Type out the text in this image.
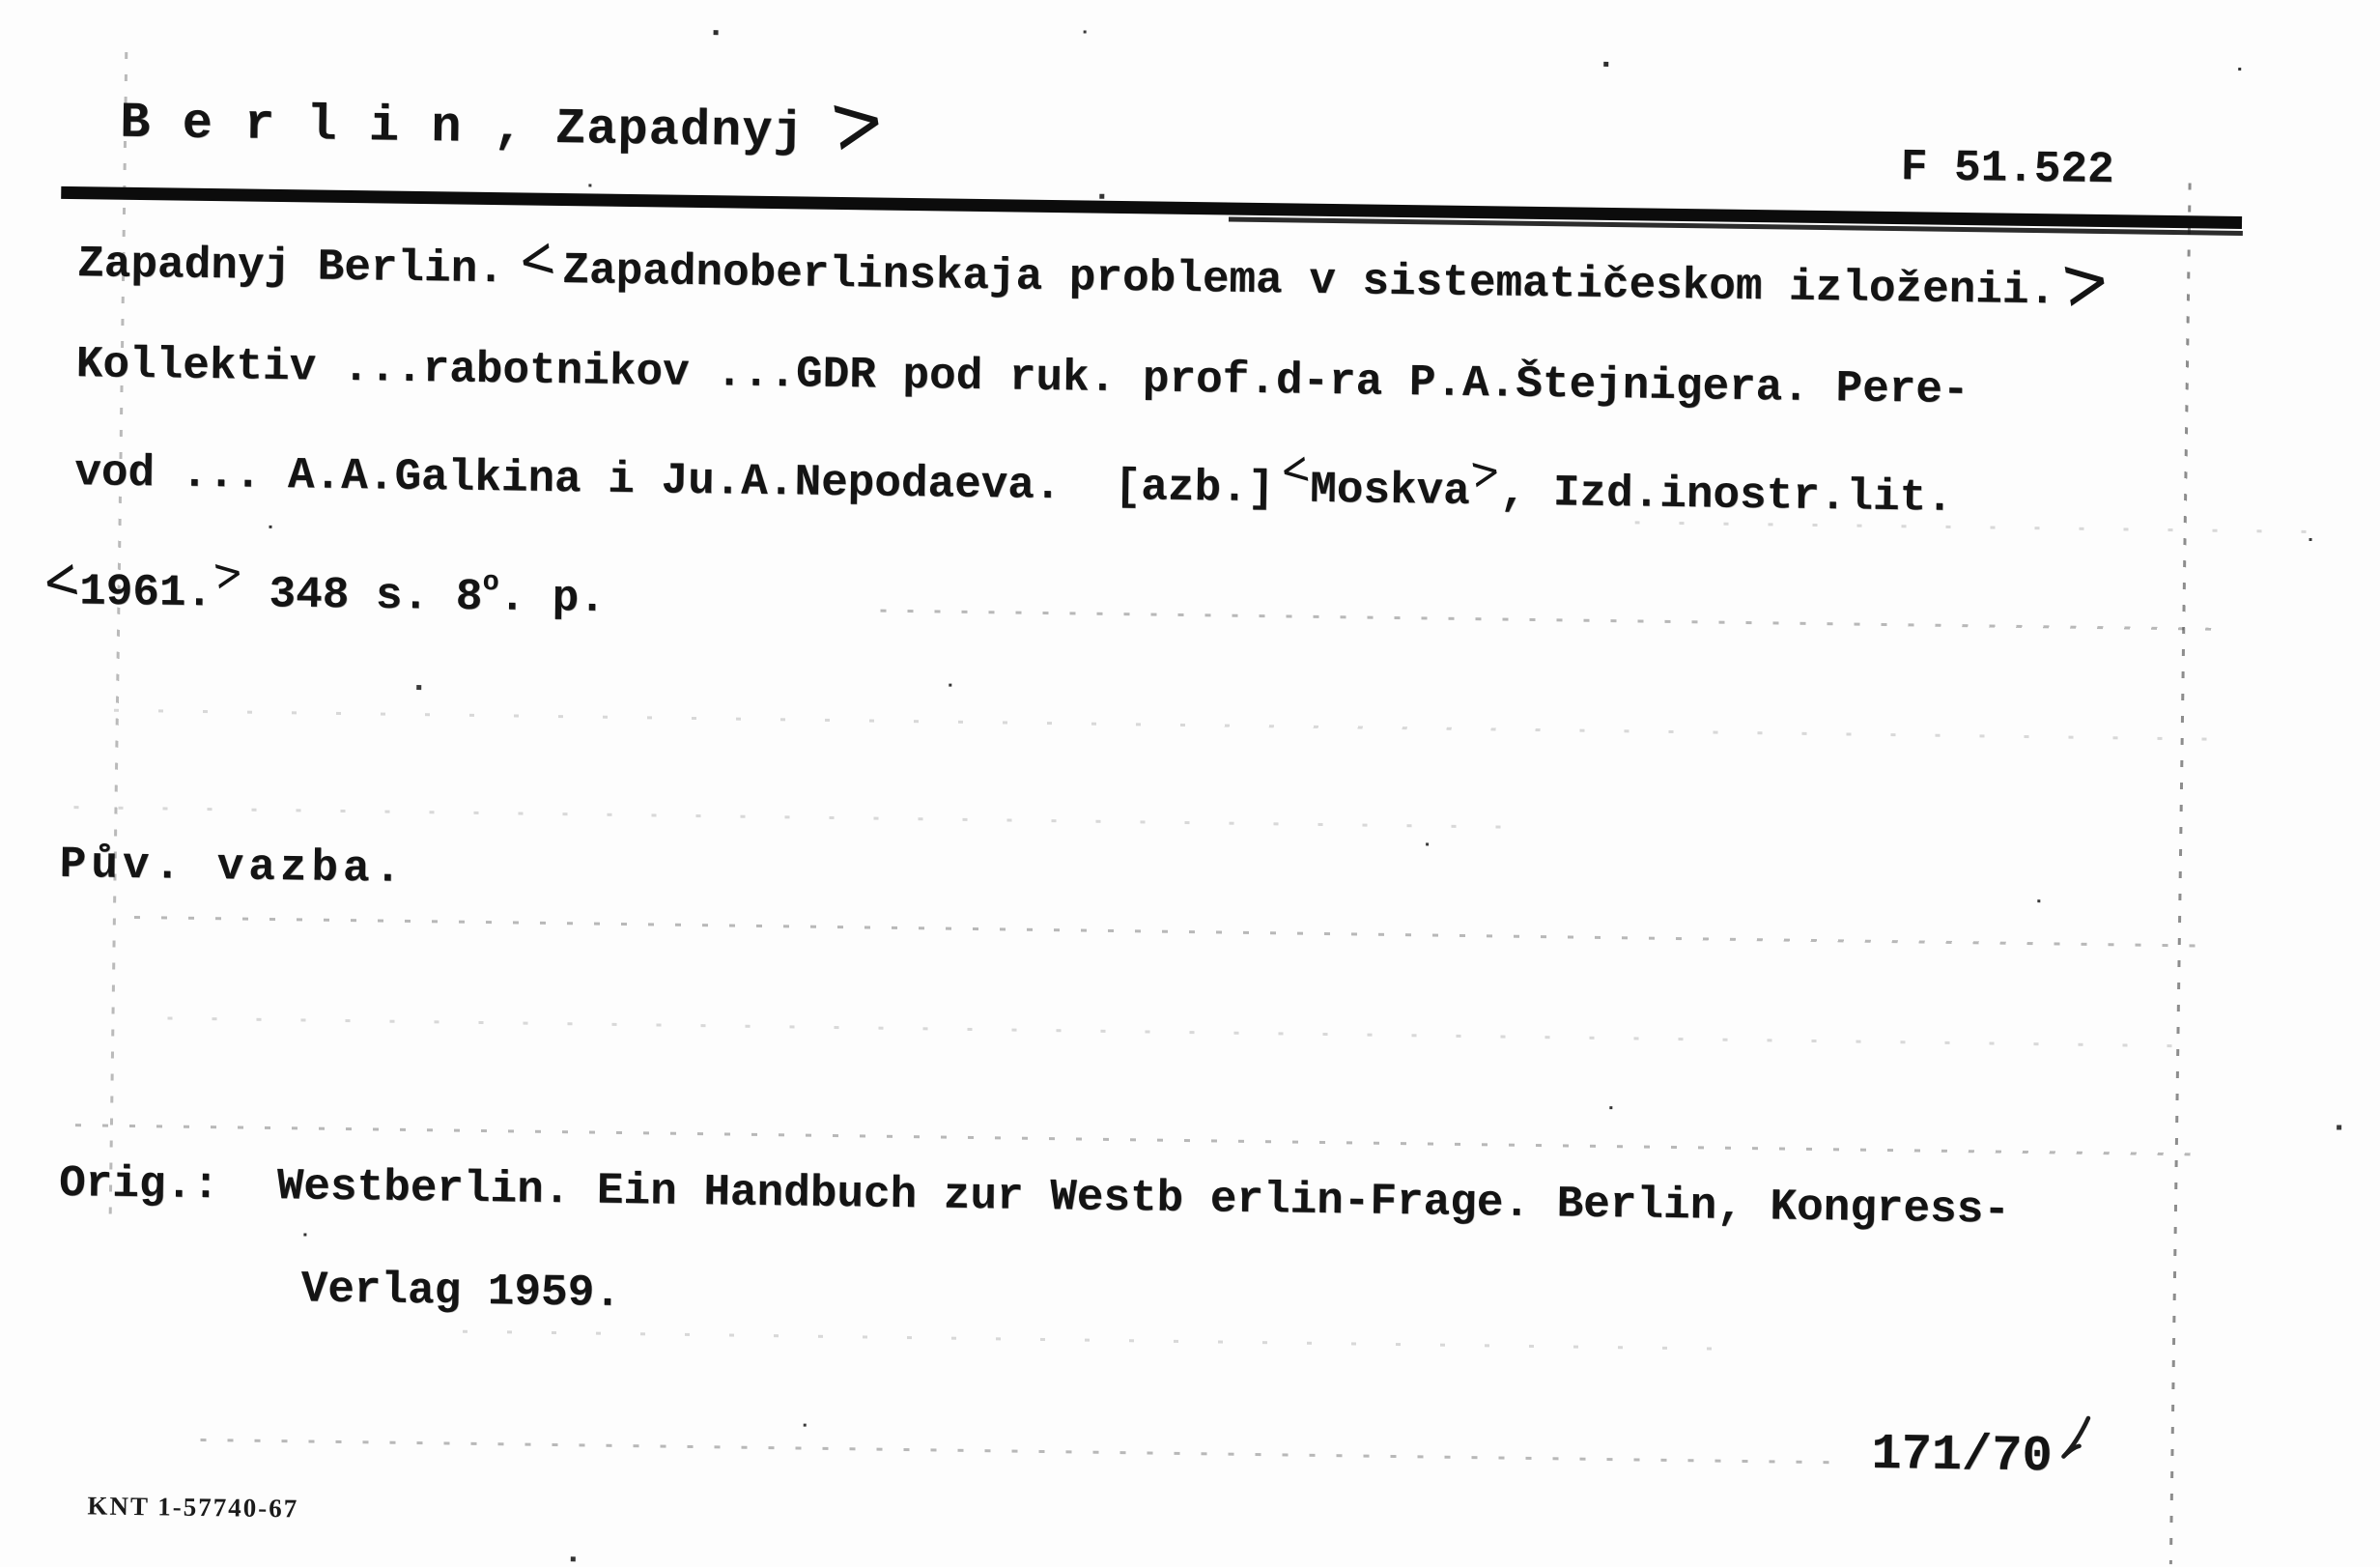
B e r l i n , Zapadnyj >	F 51.522
Zapadnyj Berlin. <Zapadnoberlinskaja problema v sistematičeskom izloženii.>
Kollektiv ...rabotnikov ...GDR pod ruk. prof.d-ra P.A.Štejnigera. Pere-
vod ... A.A.Galkina i Ju.A.Nepodaeva.  [azb.]<Moskva>, Izd.inostr.lit.
<1961.> 348 s. 8$^o$. p.
Pův. vazba.
Orig.: Westberlin. Ein Handbuch zur Westb erlin-Frage. Berlin, Kongress-
Verlag 1959.
171/70
KNT 1-57740-67
